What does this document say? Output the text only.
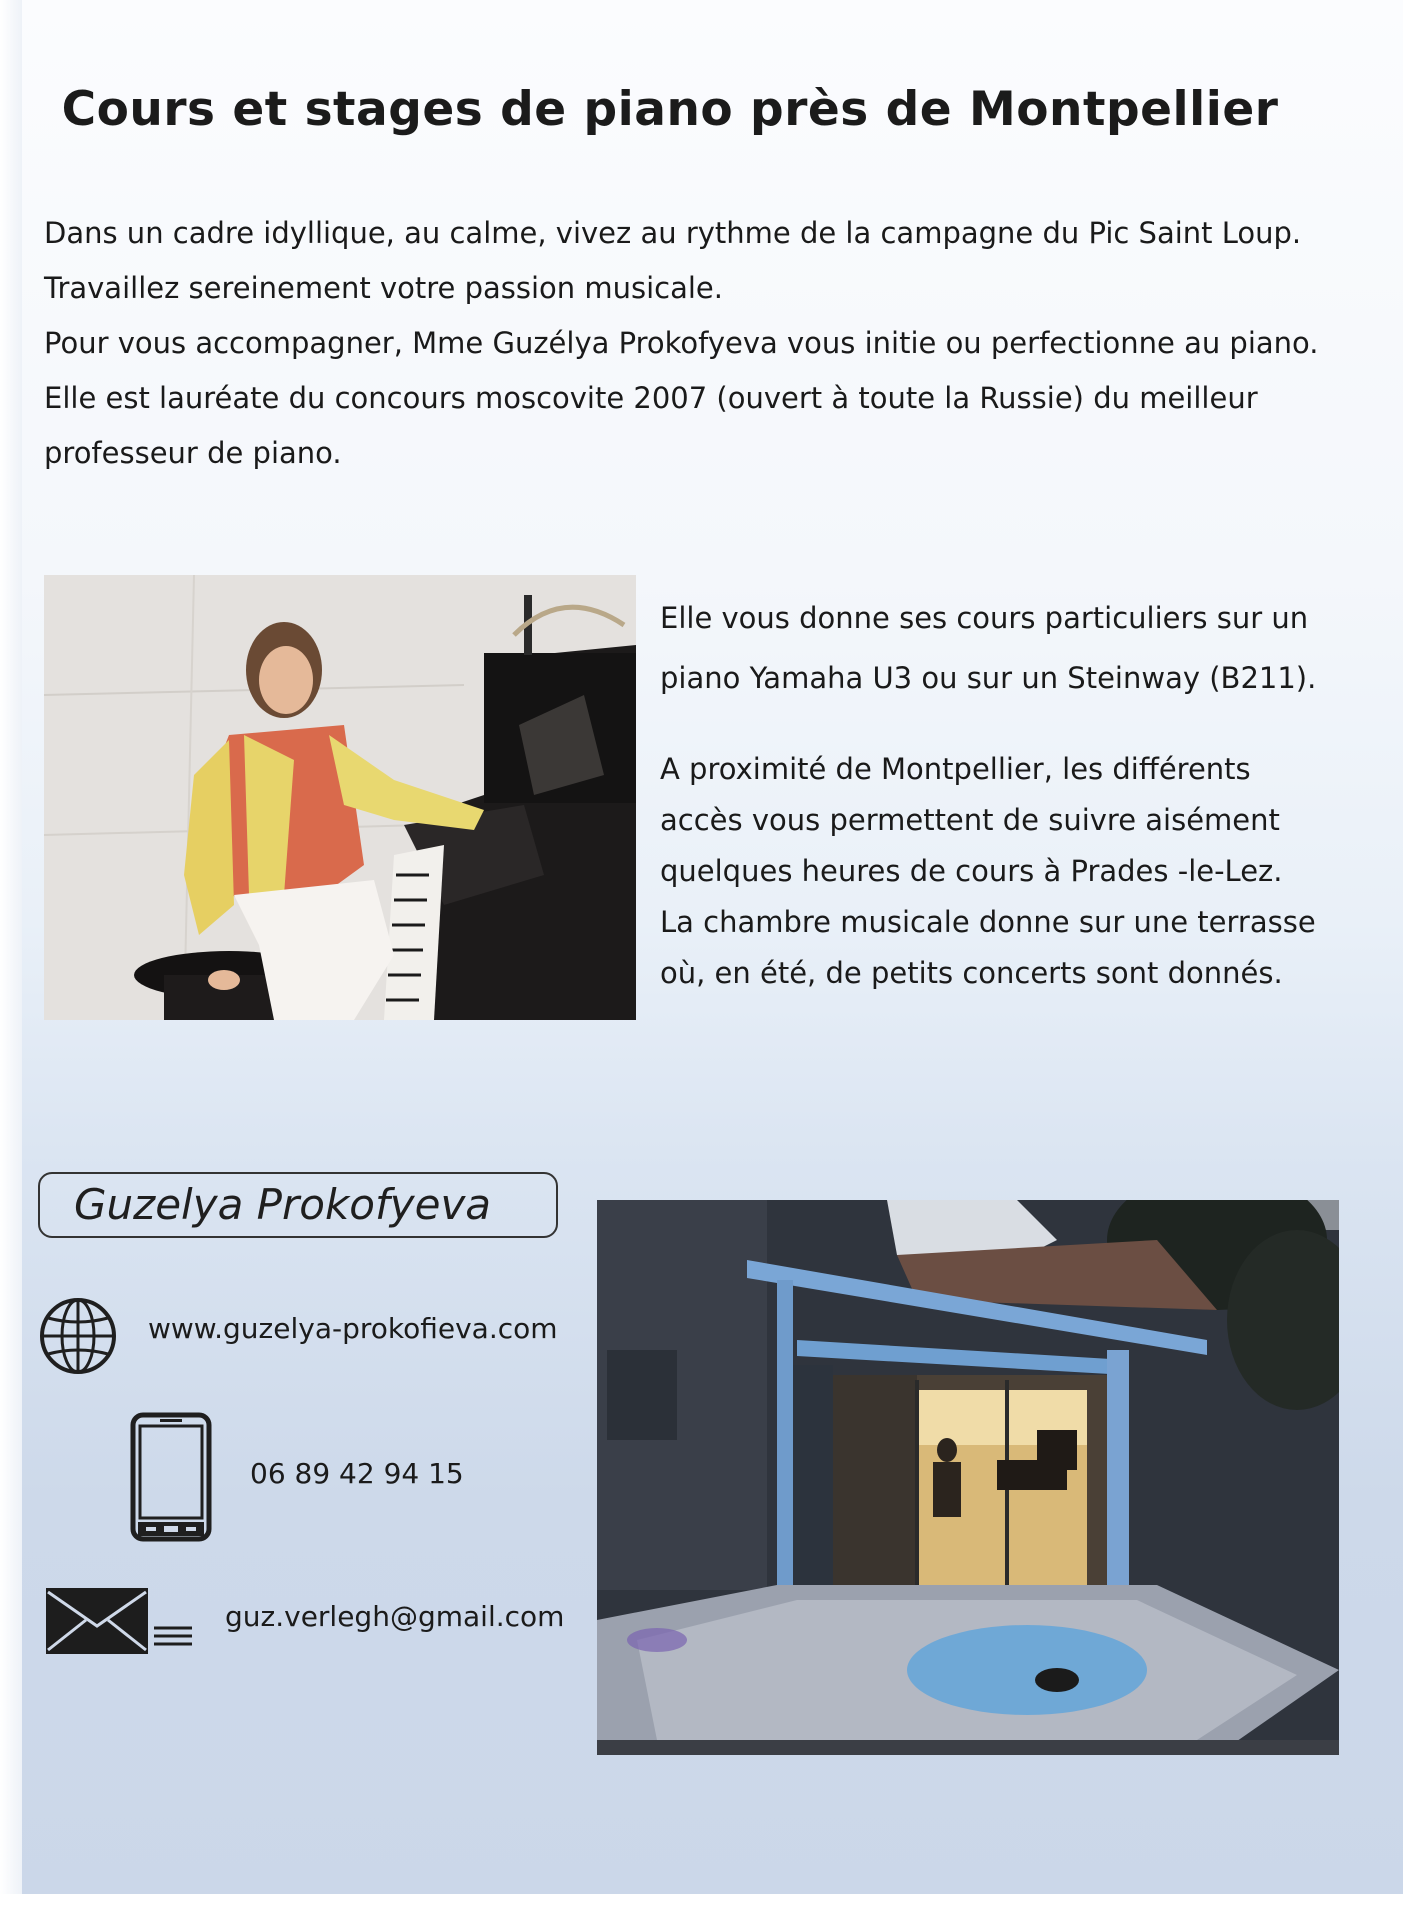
Cours et stages de piano près de Montpellier

Dans un cadre idyllique, au calme, vivez au rythme de la campagne du Pic Saint Loup.

Travaillez sereinement votre passion musicale.

Pour vous accompagner, Mme Guzélya Prokofyeva vous initie ou perfectionne au piano.

Elle est lauréate du concours moscovite 2007 (ouvert à toute la Russie) du meilleur

professeur de piano.

Elle vous donne ses cours particuliers sur un

piano Yamaha U3 ou sur un Steinway (B211).

A proximité de Montpellier, les différents

accès vous permettent de suivre aisément

quelques heures de cours à Prades -le-Lez.

La chambre musicale donne sur une terrasse

où, en été, de petits concerts sont donnés.

Guzelya Prokofyeva
www.guzelya-prokofieva.com
06 89 42 94 15
guz.verlegh@gmail.com
